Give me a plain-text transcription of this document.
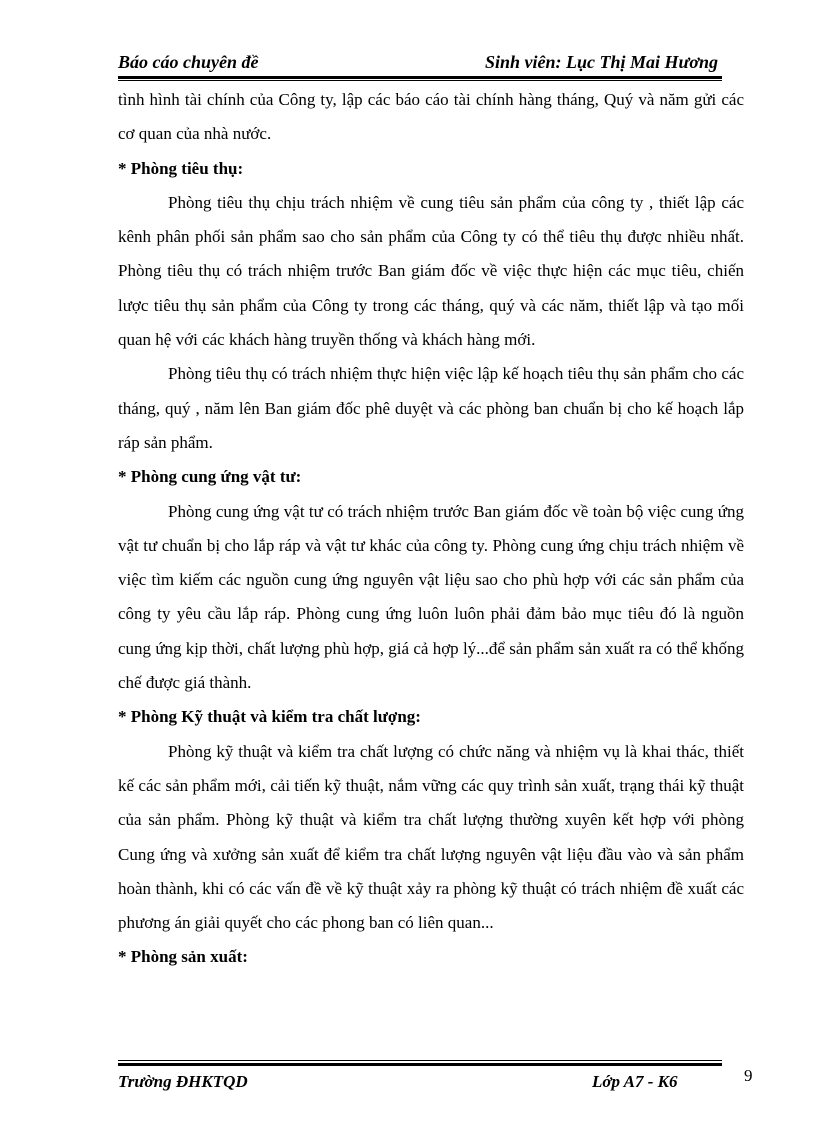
Báo cáo chuyên đề	Sinh viên: Lục Thị Mai Hương

tình hình tài chính của Công ty, lập các báo cáo tài chính hàng tháng, Quý và năm gửi các cơ quan của nhà nước.

* Phòng tiêu thụ:

Phòng tiêu thụ chịu trách nhiệm về cung tiêu sản phẩm của công ty , thiết lập các kênh phân phối sản phẩm sao cho sản phẩm của Công ty có thể tiêu thụ được nhiều nhất. Phòng tiêu thụ có trách nhiệm trước Ban giám đốc về việc thực hiện các mục tiêu, chiến lược tiêu thụ sản phẩm của Công ty trong các tháng, quý và các năm, thiết lập và tạo mối quan hệ với các khách hàng truyền thống và khách hàng mới.

Phòng tiêu thụ có trách nhiệm thực hiện việc lập kế hoạch tiêu thụ sản phẩm cho các tháng, quý , năm lên Ban giám đốc phê duyệt và các phòng ban chuẩn bị cho kế hoạch lắp ráp sản phẩm.

* Phòng cung ứng vật tư:

Phòng cung ứng vật tư có trách nhiệm trước Ban giám đốc về toàn bộ việc cung ứng vật tư chuẩn bị cho lắp ráp và vật tư khác của công ty. Phòng cung ứng chịu trách nhiệm về việc tìm kiếm các nguồn cung ứng nguyên vật liệu sao cho phù hợp với các sản phẩm của công ty yêu cầu lắp ráp. Phòng cung ứng luôn luôn phải đảm bảo mục tiêu đó là nguồn cung ứng kịp thời, chất lượng phù hợp, giá cả hợp lý...để sản phẩm sản xuất ra có thể khống chế được giá thành.

* Phòng Kỹ thuật và kiểm tra chất lượng:

Phòng kỹ thuật và kiểm tra chất lượng có chức năng và nhiệm vụ là khai thác, thiết kế các sản phẩm mới, cải tiến kỹ thuật, nắm vững các quy trình sản xuất, trạng thái kỹ thuật của sản phẩm. Phòng kỹ thuật và kiểm tra chất lượng thường xuyên kết hợp với phòng Cung ứng và xưởng sản xuất để kiểm tra chất lượng nguyên vật liệu đầu vào và sản phẩm hoàn thành, khi có các vấn đề về kỹ thuật xảy ra phòng kỹ thuật có trách nhiệm đề xuất các phương án giải quyết cho các phong ban có liên quan...

* Phòng sản xuất:

Trường ĐHKTQD	Lớp A7 - K6	9
